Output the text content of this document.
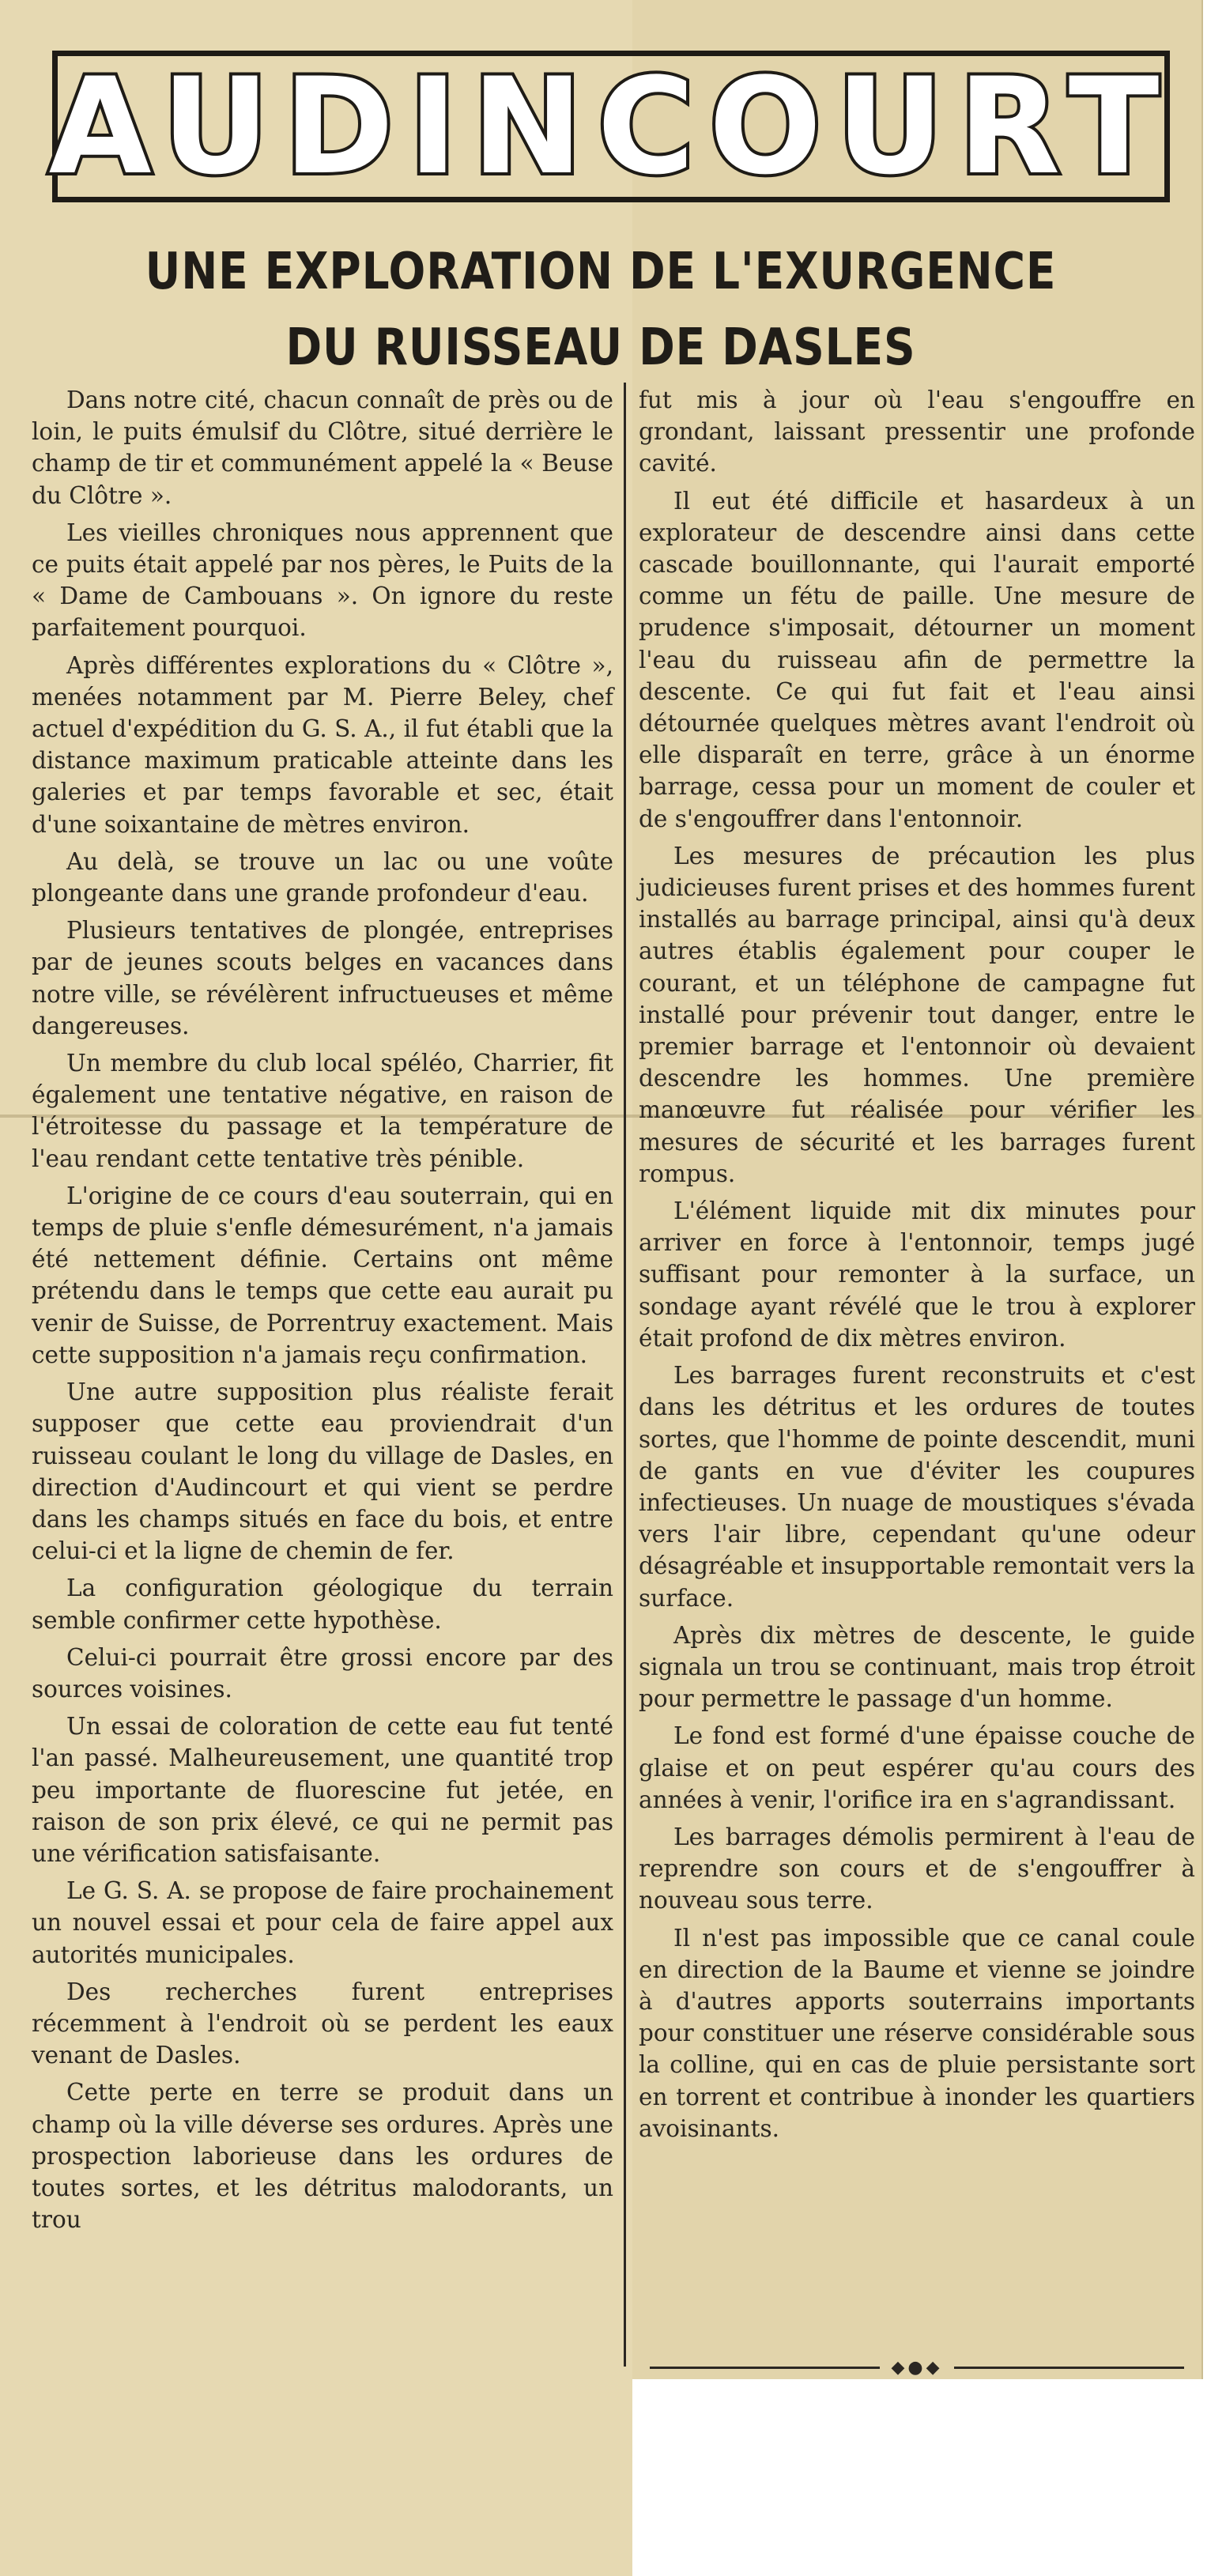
AUDINCOURT
UNE EXPLORATION DE L'EXURGENCE
DU RUISSEAU DE DASLES

Dans notre cité, chacun connaît de près ou de loin, le puits émulsif du Clôtre, situé derrière le champ de tir et communément appelé la « Beuse du Clôtre ».

Les vieilles chroniques nous apprennent que ce puits était appelé par nos pères, le Puits de la « Dame de Cambouans ». On ignore du reste parfaitement pourquoi.

Après différentes explorations du « Clôtre », menées notamment par M. Pierre Beley, chef actuel d'expédition du G. S. A., il fut établi que la distance maximum praticable atteinte dans les galeries et par temps favorable et sec, était d'une soixantaine de mètres environ.

Au delà, se trouve un lac ou une voûte plongeante dans une grande profondeur d'eau.

Plusieurs tentatives de plongée, entreprises par de jeunes scouts belges en vacances dans notre ville, se révélèrent infructueuses et même dangereuses.

Un membre du club local spéléo, Charrier, fit également une tentative négative, en raison de l'étroitesse du passage et la température de l'eau rendant cette tentative très pénible.

L'origine de ce cours d'eau souterrain, qui en temps de pluie s'enfle démesurément, n'a jamais été nettement définie. Certains ont même prétendu dans le temps que cette eau aurait pu venir de Suisse, de Porrentruy exactement. Mais cette supposition n'a jamais reçu confirmation.

Une autre supposition plus réaliste ferait supposer que cette eau proviendrait d'un ruisseau coulant le long du village de Dasles, en direction d'Audincourt et qui vient se perdre dans les champs situés en face du bois, et entre celui-ci et la ligne de chemin de fer.

La configuration géologique du terrain semble confirmer cette hypothèse.

Celui-ci pourrait être grossi encore par des sources voisines.

Un essai de coloration de cette eau fut tenté l'an passé. Malheureusement, une quantité trop peu importante de fluorescine fut jetée, en raison de son prix élevé, ce qui ne permit pas une vérification satisfaisante.

Le G. S. A. se propose de faire prochainement un nouvel essai et pour cela de faire appel aux autorités municipales.

Des recherches furent entreprises récemment à l'endroit où se perdent les eaux venant de Dasles.

Cette perte en terre se produit dans un champ où la ville déverse ses ordures. Après une prospection laborieuse dans les ordures de toutes sortes, et les détritus malodorants, un trou

fut mis à jour où l'eau s'engouffre en grondant, laissant pressentir une profonde cavité.

Il eut été difficile et hasardeux à un explorateur de descendre ainsi dans cette cascade bouillonnante, qui l'aurait emporté comme un fétu de paille. Une mesure de prudence s'imposait, détourner un moment l'eau du ruisseau afin de permettre la descente. Ce qui fut fait et l'eau ainsi détournée quelques mètres avant l'endroit où elle disparaît en terre, grâce à un énorme barrage, cessa pour un moment de couler et de s'engouffrer dans l'entonnoir.

Les mesures de précaution les plus judicieuses furent prises et des hommes furent installés au barrage principal, ainsi qu'à deux autres établis également pour couper le courant, et un téléphone de campagne fut installé pour prévenir tout danger, entre le premier barrage et l'entonnoir où devaient descendre les hommes. Une première manœuvre fut réalisée pour vérifier les mesures de sécurité et les barrages furent rompus.

L'élément liquide mit dix minutes pour arriver en force à l'entonnoir, temps jugé suffisant pour remonter à la surface, un sondage ayant révélé que le trou à explorer était profond de dix mètres environ.

Les barrages furent reconstruits et c'est dans les détritus et les ordures de toutes sortes, que l'homme de pointe descendit, muni de gants en vue d'éviter les coupures infectieuses. Un nuage de moustiques s'évada vers l'air libre, cependant qu'une odeur désagréable et insupportable remontait vers la surface.

Après dix mètres de descente, le guide signala un trou se continuant, mais trop étroit pour permettre le passage d'un homme.

Le fond est formé d'une épaisse couche de glaise et on peut espérer qu'au cours des années à venir, l'orifice ira en s'agrandissant.

Les barrages démolis permirent à l'eau de reprendre son cours et de s'engouffrer à nouveau sous terre.

Il n'est pas impossible que ce canal coule en direction de la Baume et vienne se joindre à d'autres apports souterrains importants pour constituer une réserve considérable sous la colline, qui en cas de pluie persistante sort en torrent et contribue à inonder les quartiers avoisinants.

◆●◆
